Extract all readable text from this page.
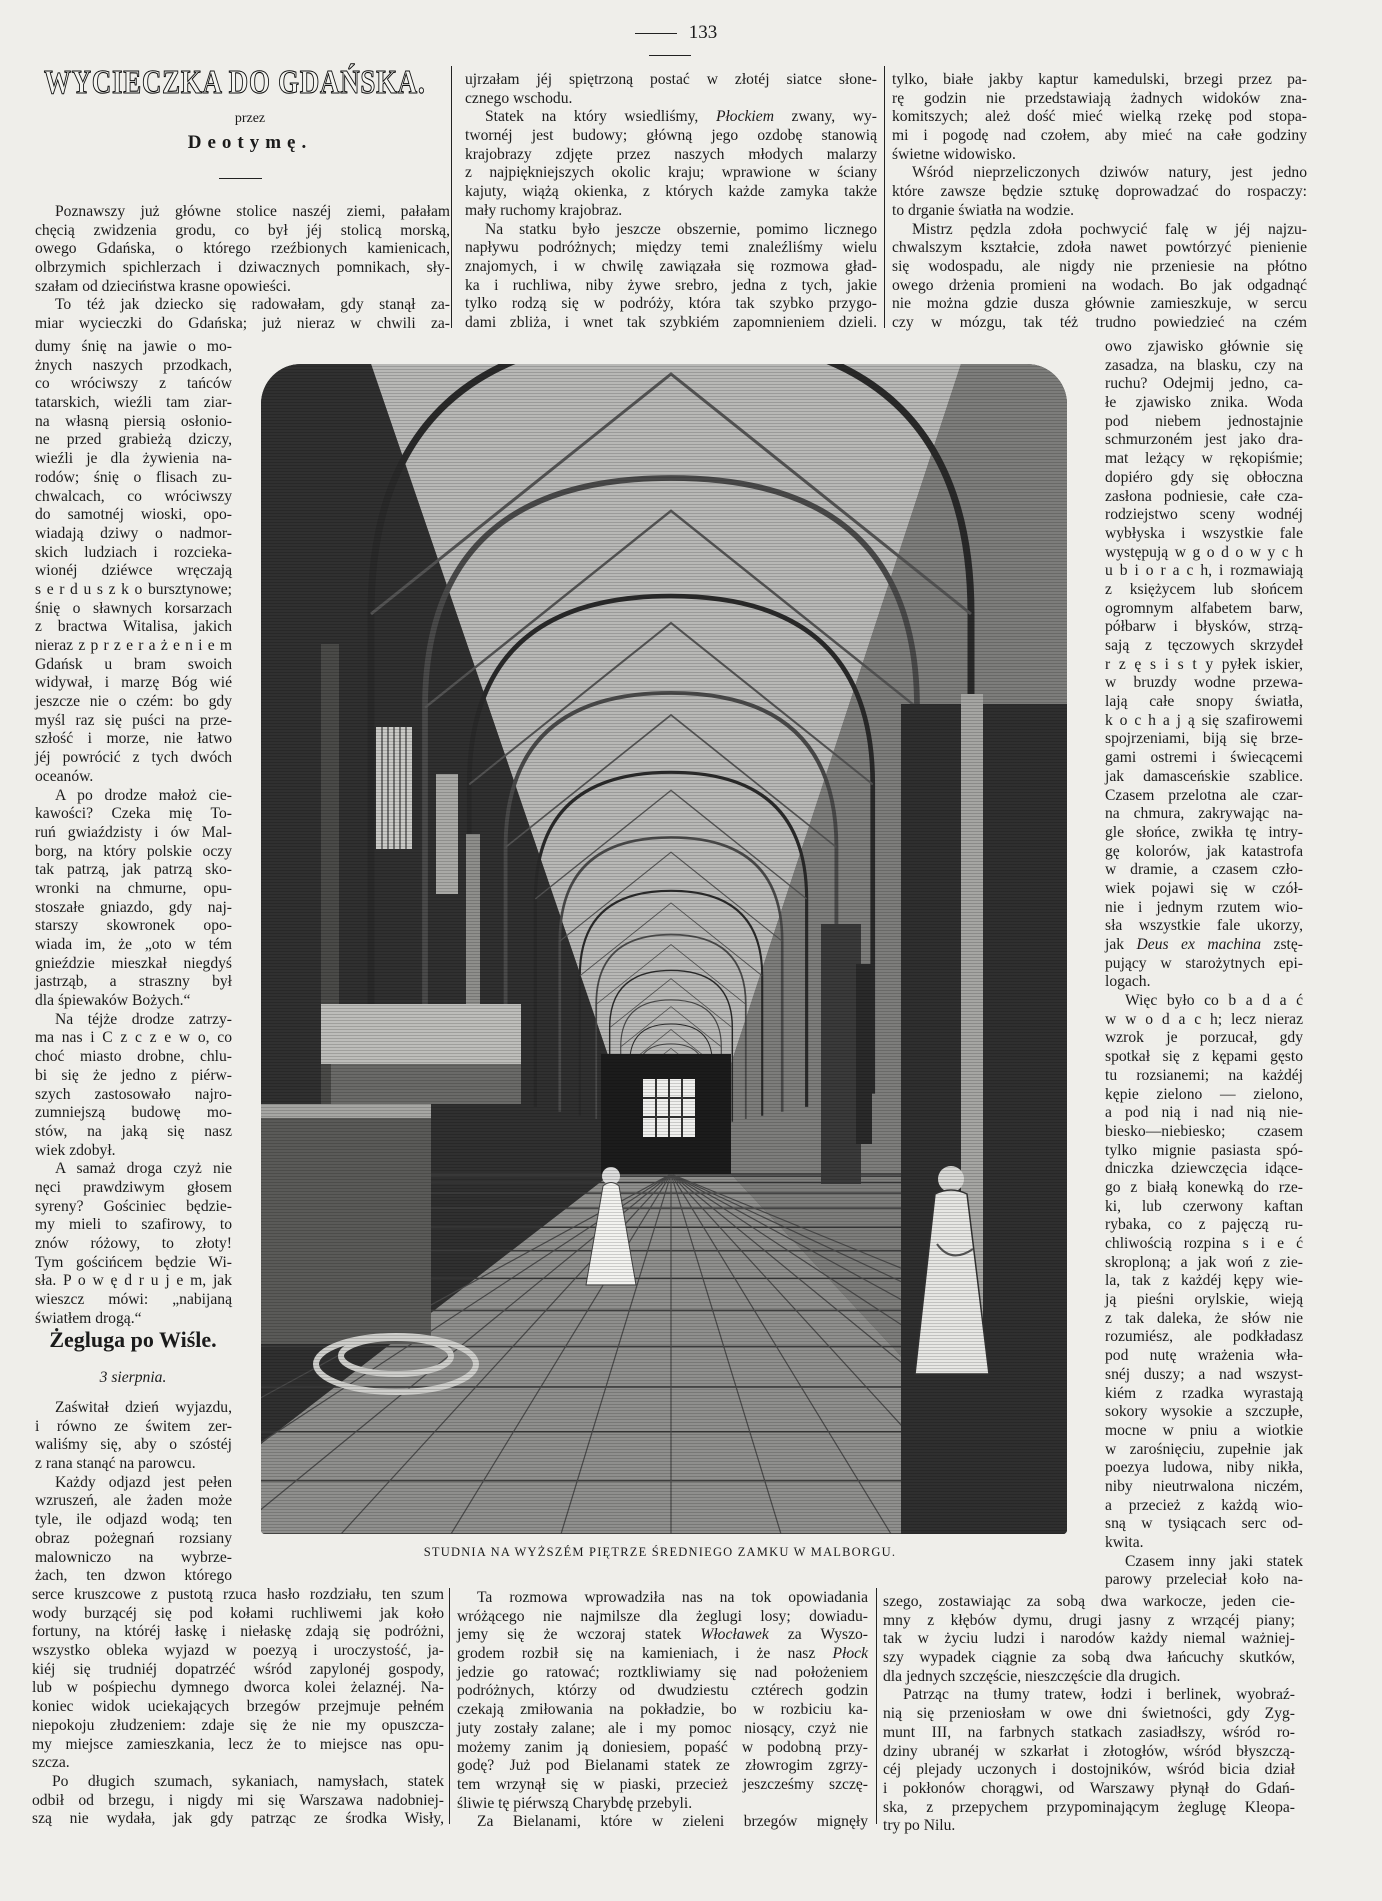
133
WYCIECZKA DO GDAŃSKA.
przez
Deotymę.
Poznawszy już główne stolice naszéj ziemi, pałałam
chęcią zwidzenia grodu, co był jéj stolicą morską,
owego Gdańska, o którego rzeźbionych kamienicach,
olbrzymich spichlerzach i dziwacznych pomnikach, sły-
szałam od dzieciństwa krasne opowieści.
To téż jak dziecko się radowałam, gdy stanął za-
miar wycieczki do Gdańska; już nieraz w chwili za-
dumy śnię na jawie o mo-
żnych naszych przodkach,
co wróciwszy z tańców
tatarskich, wieźli tam ziar-
na własną piersią osłonio-
ne przed grabieżą dziczy,
wieźli je dla żywienia na-
rodów; śnię o flisach zu-
chwalcach, co wróciwszy
do samotnéj wioski, opo-
wiadają dziwy o nadmor-
skich ludziach i rozcieka-
wionéj dziéwce wręczają
s e r d u s z k o bursztynowe;
śnię o sławnych korsarzach
z bractwa Witalisa, jakich
nieraz z p r z e r a ż e n i e m
Gdańsk u bram swoich
widywał, i marzę Bóg wié
jeszcze nie o czém: bo gdy
myśl raz się puści na prze-
szłość i morze, nie łatwo
jéj powrócić z tych dwóch
oceanów.
A po drodze małoż cie-
kawości? Czeka mię To-
ruń gwiaździsty i ów Mal-
borg, na który polskie oczy
tak patrzą, jak patrzą sko-
wronki na chmurne, opu-
stoszałe gniazdo, gdy naj-
starszy skowronek opo-
wiada im, że „oto w tém
gnieździe mieszkał niegdyś
jastrząb, a straszny był
dla śpiewaków Bożych.“
Na téjże drodze zatrzy-
ma nas i C z c z e w o, co
choć miasto drobne, chlu-
bi się że jedno z piérw-
szych zastosowało najro-
zumniejszą budowę mo-
stów, na jaką się nasz
wiek zdobył.
A samaż droga czyż nie
nęci prawdziwym głosem
syreny? Gościniec będzie-
my mieli to szafirowy, to
znów różowy, to złoty!
Tym gościńcem będzie Wi-
sła. P o w ę d r u j e m, jak
wieszcz mówi: „nabijaną
światłem drogą.“
Żegluga po Wiśle.
3 sierpnia.
Zaświtał dzień wyjazdu,
i równo ze świtem zer-
waliśmy się, aby o szóstéj
z rana stanąć na parowcu.
Każdy odjazd jest pełen
wzruszeń, ale żaden może
tyle, ile odjazd wodą; ten
obraz pożegnań rozsiany
malowniczo na wybrze-
żach, ten dzwon którego
serce kruszcowe z pustotą rzuca hasło rozdziału, ten szum
wody burzącéj się pod kołami ruchliwemi jak koło
fortuny, na któréj łaskę i niełaskę zdają się podróżni,
wszystko obleka wyjazd w poezyą i uroczystość, ja-
kiéj się trudniéj dopatrzéć wśród zapylonéj gospody,
lub w pośpiechu dymnego dworca kolei żelaznéj. Na-
koniec widok uciekających brzegów przejmuje pełném
niepokoju złudzeniem: zdaje się że nie my opuszcza-
my miejsce zamieszkania, lecz że to miejsce nas opu-
szcza.
Po długich szumach, sykaniach, namysłach, statek
odbił od brzegu, i nigdy mi się Warszawa nadobniej-
szą nie wydała, jak gdy patrząc ze środka Wisły,
ujrzałam jéj spiętrzoną postać w złotéj siatce słone-
cznego wschodu.
Statek na który wsiedliśmy, Płockiem zwany, wy-
twornéj jest budowy; główną jego ozdobę stanowią
krajobrazy zdjęte przez naszych młodych malarzy
z najpiękniejszych okolic kraju; wprawione w ściany
kajuty, wiążą okienka, z których każde zamyka także
mały ruchomy krajobraz.
Na statku było jeszcze obszernie, pomimo licznego
napływu podróżnych; między temi znaleźliśmy wielu
znajomych, i w chwilę zawiązała się rozmowa gład-
ka i ruchliwa, niby żywe srebro, jedna z tych, jakie
tylko rodzą się w podróży, która tak szybko przygo-
dami zbliża, i wnet tak szybkiém zapomnieniem dzieli.
Ta rozmowa wprowadziła nas na tok opowiadania
wróżącego nie najmilsze dla żeglugi losy; dowiadu-
jemy się że wczoraj statek Włocławek za Wyszo-
grodem rozbił się na kamieniach, i że nasz Płock
jedzie go ratować; roztkliwiamy się nad położeniem
podróżnych, którzy od dwudziestu cztérech godzin
czekają zmiłowania na pokładzie, bo w rozbiciu ka-
juty zostały zalane; ale i my pomoc niosący, czyż nie
możemy zanim ją doniesiem, popaść w podobną przy-
godę? Już pod Bielanami statek ze złowrogim zgrzy-
tem wrzynął się w piaski, przecież jeszcześmy szczę-
śliwie tę piérwszą Charybdę przebyli.
Za Bielanami, które w zieleni brzegów mignęły
tylko, białe jakby kaptur kamedulski, brzegi przez pa-
rę godzin nie przedstawiają żadnych widoków zna-
komitszych; ależ dość mieć wielką rzekę pod stopa-
mi i pogodę nad czołem, aby mieć na całe godziny
świetne widowisko.
Wśród nieprzeliczonych dziwów natury, jest jedno
które zawsze będzie sztukę doprowadzać do rospaczy:
to drganie światła na wodzie.
Mistrz pędzla zdoła pochwycić falę w jéj najzu-
chwalszym kształcie, zdoła nawet powtórzyć pienienie
się wodospadu, ale nigdy nie przeniesie na płótno
owego drżenia promieni na wodach. Bo jak odgadnąć
nie można gdzie dusza głównie zamieszkuje, w sercu
czy w mózgu, tak téż trudno powiedzieć na czém
owo zjawisko głównie się
zasadza, na blasku, czy na
ruchu? Odejmij jedno, ca-
łe zjawisko znika. Woda
pod niebem jednostajnie
schmurzoném jest jako dra-
mat leżący w rękopiśmie;
dopiéro gdy się obłoczna
zasłona podniesie, całe cza-
rodziejstwo sceny wodnéj
wybłyska i wszystkie fale
występują w g o d o w y c h
u b i o r a c h, i rozmawiają
z księżycem lub słońcem
ogromnym alfabetem barw,
półbarw i błysków, strzą-
sają z tęczowych skrzydeł
r z ę s i s t y pyłek iskier,
w bruzdy wodne przewa-
lają całe snopy światła,
k o c h a j ą się szafirowemi
spojrzeniami, biją się brze-
gami ostremi i świecącemi
jak damasceńskie szablice.
Czasem przelotna ale czar-
na chmura, zakrywając na-
gle słońce, zwikła tę intry-
gę kolorów, jak katastrofa
w dramie, a czasem czło-
wiek pojawi się w czół-
nie i jednym rzutem wio-
sła wszystkie fale ukorzy,
jak Deus ex machina zstę-
pujący w starożytnych epi-
logach.
Więc było co b a d a ć
w w o d a c h; lecz nieraz
wzrok je porzucał, gdy
spotkał się z kępami gęsto
tu rozsianemi; na każdéj
kępie zielono — zielono,
a pod nią i nad nią nie-
biesko—niebiesko; czasem
tylko mignie pasiasta spó-
dniczka dziewczęcia idące-
go z białą konewką do rze-
ki, lub czerwony kaftan
rybaka, co z pajęczą ru-
chliwością rozpina s i e ć
skroploną; a jak woń z zie-
la, tak z każdéj kępy wie-
ją pieśni orylskie, wieją
z tak daleka, że słów nie
rozumiész, ale podkładasz
pod nutę wrażenia wła-
snéj duszy; a nad wszyst-
kiém z rzadka wyrastają
sokory wysokie a szczupłe,
mocne w pniu a wiotkie
w zarośnięciu, zupełnie jak
poezya ludowa, niby nikła,
niby nieutrwalona niczém,
a przecież z każdą wio-
sną w tysiącach serc od-
kwita.
Czasem inny jaki statek
parowy przeleciał koło na-
szego, zostawiając za sobą dwa warkocze, jeden cie-
mny z kłębów dymu, drugi jasny z wrzącéj piany;
tak w życiu ludzi i narodów każdy niemal ważniej-
szy wypadek ciągnie za sobą dwa łańcuchy skutków,
dla jednych szczęście, nieszczęście dla drugich.
Patrząc na tłumy tratew, łodzi i berlinek, wyobraź-
nią się przeniosłam w owe dni świetności, gdy Zyg-
munt III, na farbnych statkach zasiadłszy, wśród ro-
dziny ubranéj w szkarłat i złotogłów, wśród błyszczą-
céj plejady uczonych i dostojników, wśród bicia dział
i pokłonów chorągwi, od Warszawy płynął do Gdań-
ska, z przepychem przypominającym żeglugę Kleopa-
try po Nilu.
STUDNIA NA WYŻSZÉM PIĘTRZE ŚREDNIEGO ZAMKU W MALBORGU.
